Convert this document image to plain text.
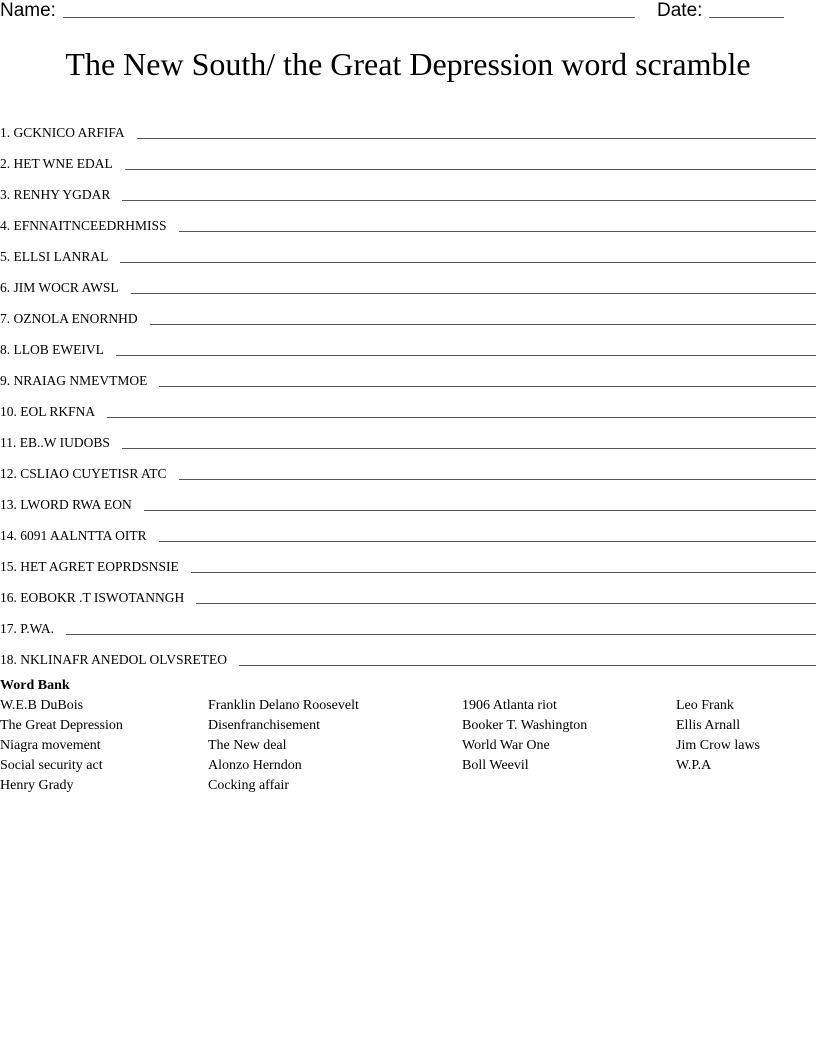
Name:	Date:
The New South/ the Great Depression word scramble
1. GCKNICO ARFIFA
2. HET WNE EDAL
3. RENHY YGDAR
4. EFNNAITNCEEDRHMISS
5. ELLSI LANRAL
6. JIM WOCR AWSL
7. OZNOLA ENORNHD
8. LLOB EWEIVL
9. NRAIAG NMEVTMOE
10. EOL RKFNA
11. EB..W IUDOBS
12. CSLIAO CUYETISR ATC
13. LWORD RWA EON
14. 6091 AALNTTA OITR
15. HET AGRET EOPRDSNSIE
16. EOBOKR .T ISWOTANNGH
17. P.WA.
18. NKLINAFR ANEDOL OLVSRETEO
Word Bank
W.E.B DuBois
The Great Depression
Niagra movement
Social security act
Henry Grady
Franklin Delano Roosevelt
Disenfranchisement
The New deal
Alonzo Herndon
Cocking affair
1906 Atlanta riot
Booker T. Washington
World War One
Boll Weevil
Leo Frank
Ellis Arnall
Jim Crow laws
W.P.A
